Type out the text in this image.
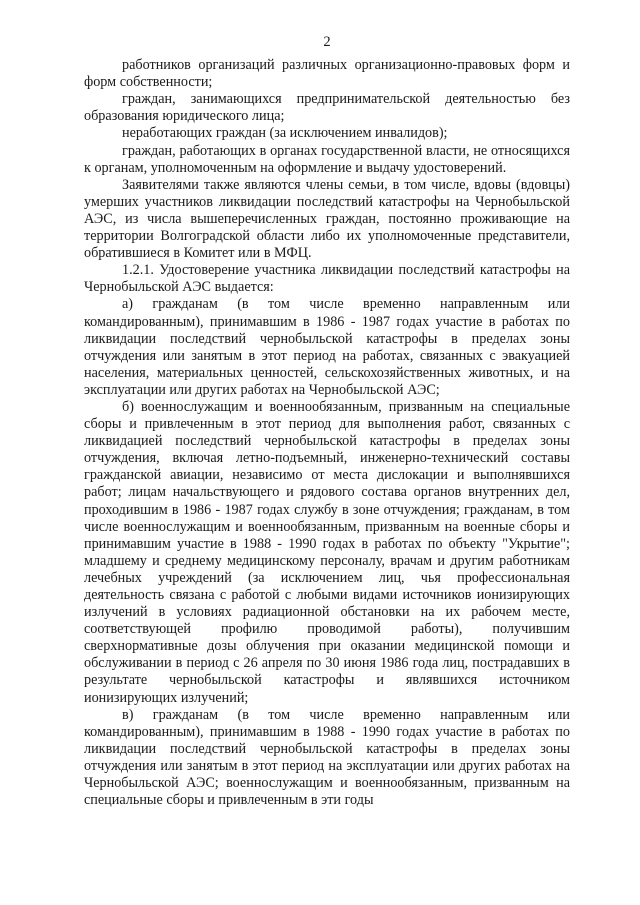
2

работников организаций различных организационно-правовых форм и форм собственности;

граждан, занимающихся предпринимательской деятельностью без образования юридического лица;

неработающих граждан (за исключением инвалидов);

граждан, работающих в органах государственной власти, не относящихся к органам, уполномоченным на оформление и выдачу удостоверений.

Заявителями также являются члены семьи, в том числе, вдовы (вдовцы) умерших участников ликвидации последствий катастрофы на Чернобыльской АЭС, из числа вышеперечисленных граждан, постоянно проживающие на территории Волгоградской области либо их уполномоченные представители, обратившиеся в Комитет или в МФЦ.

1.2.1. Удостоверение участника ликвидации последствий катастрофы на Чернобыльской АЭС выдается:

а) гражданам (в том числе временно направленным или командированным), принимавшим в 1986 - 1987 годах участие в работах по ликвидации последствий чернобыльской катастрофы в пределах зоны отчуждения или занятым в этот период на работах, связанных с эвакуацией населения, материальных ценностей, сельскохозяйственных животных, и на эксплуатации или других работах на Чернобыльской АЭС;

б) военнослужащим и военнообязанным, призванным на специальные сборы и привлеченным в этот период для выполнения работ, связанных с ликвидацией последствий чернобыльской катастрофы в пределах зоны отчуждения, включая летно-подъемный, инженерно-технический составы гражданской авиации, независимо от места дислокации и выполнявшихся работ; лицам начальствующего и рядового состава органов внутренних дел, проходившим в 1986 - 1987 годах службу в зоне отчуждения; гражданам, в том числе военнослужащим и военнообязанным, призванным на военные сборы и принимавшим участие в 1988 - 1990 годах в работах по объекту "Укрытие"; младшему и среднему медицинскому персоналу, врачам и другим работникам лечебных учреждений (за исключением лиц, чья профессиональная деятельность связана с работой с любыми видами источников ионизирующих излучений в условиях радиационной обстановки на их рабочем месте, соответствующей профилю проводимой работы), получившим сверхнормативные дозы облучения при оказании медицинской помощи и обслуживании в период с 26 апреля по 30 июня 1986 года лиц, пострадавших в результате чернобыльской катастрофы и являвшихся источником ионизирующих излучений;

в) гражданам (в том числе временно направленным или командированным), принимавшим в 1988 - 1990 годах участие в работах по ликвидации последствий чернобыльской катастрофы в пределах зоны отчуждения или занятым в этот период на эксплуатации или других работах на Чернобыльской АЭС; военнослужащим и военнообязанным, призванным на специальные сборы и привлеченным в эти годы
